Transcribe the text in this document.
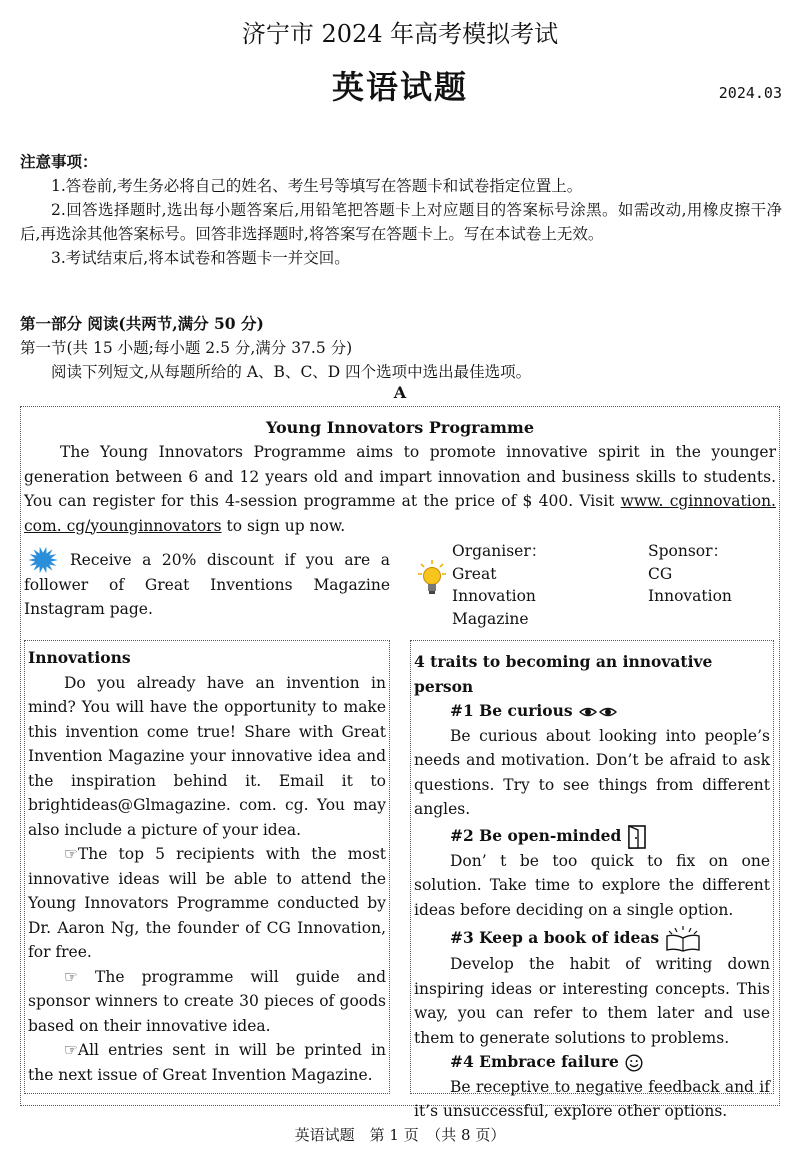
济宁市 2024 年高考模拟考试
英语试题	2024.03
注意事项：
1.答卷前,考生务必将自己的姓名、考生号等填写在答题卡和试卷指定位置上。
2.回答选择题时,选出每小题答案后,用铅笔把答题卡上对应题目的答案标号涂黑。如需改动,用橡皮擦干净后,再选涂其他答案标号。回答非选择题时,将答案写在答题卡上。写在本试卷上无效。
3.考试结束后,将本试卷和答题卡一并交回。
第一部分 阅读(共两节,满分 50 分)
第一节(共 15 小题;每小题 2.5 分,满分 37.5 分)
阅读下列短文,从每题所给的 A、B、C、D 四个选项中选出最佳选项。
A
Young Innovators Programme
The Young Innovators Programme aims to promote innovative spirit in the younger generation between 6 and 12 years old and impart innovation and business skills to students. You can register for this 4-session programme at the price of $ 400. Visit www. cginnovation. com. cg/younginnovators to sign up now.
Receive a 20% discount if you are a follower of Great Inventions Magazine Instagram page.
Organiser：
Great
Innovation
Magazine
Sponsor：
CG
Innovation
Innovations
Do you already have an invention in mind? You will have the opportunity to make this invention come true! Share with Great Invention Magazine your innovative idea and the inspiration behind it. Email it to brightideas@Glmagazine. com. cg. You may also include a picture of your idea.
☞The top 5 recipients with the most innovative ideas will be able to attend the Young Innovators Programme conducted by Dr. Aaron Ng, the founder of CG Innovation, for free.
☞ The programme will guide and sponsor winners to create 30 pieces of goods based on their innovative idea.
☞All entries sent in will be printed in the next issue of Great Invention Magazine.
4 traits to becoming an innovative person
#1 Be curious
Be curious about looking into people’s needs and motivation. Don’t be afraid to ask questions. Try to see things from different angles.
#2 Be open-minded
Don’ t be too quick to fix on one solution. Take time to explore the different ideas before deciding on a single option.
#3 Keep a book of ideas
Develop the habit of writing down inspiring ideas or interesting concepts. This way, you can refer to them later and use them to generate solutions to problems.
#4 Embrace failure
Be receptive to negative feedback and if it’s unsuccessful, explore other options.
英语试题　第 1 页　（共 8 页）
